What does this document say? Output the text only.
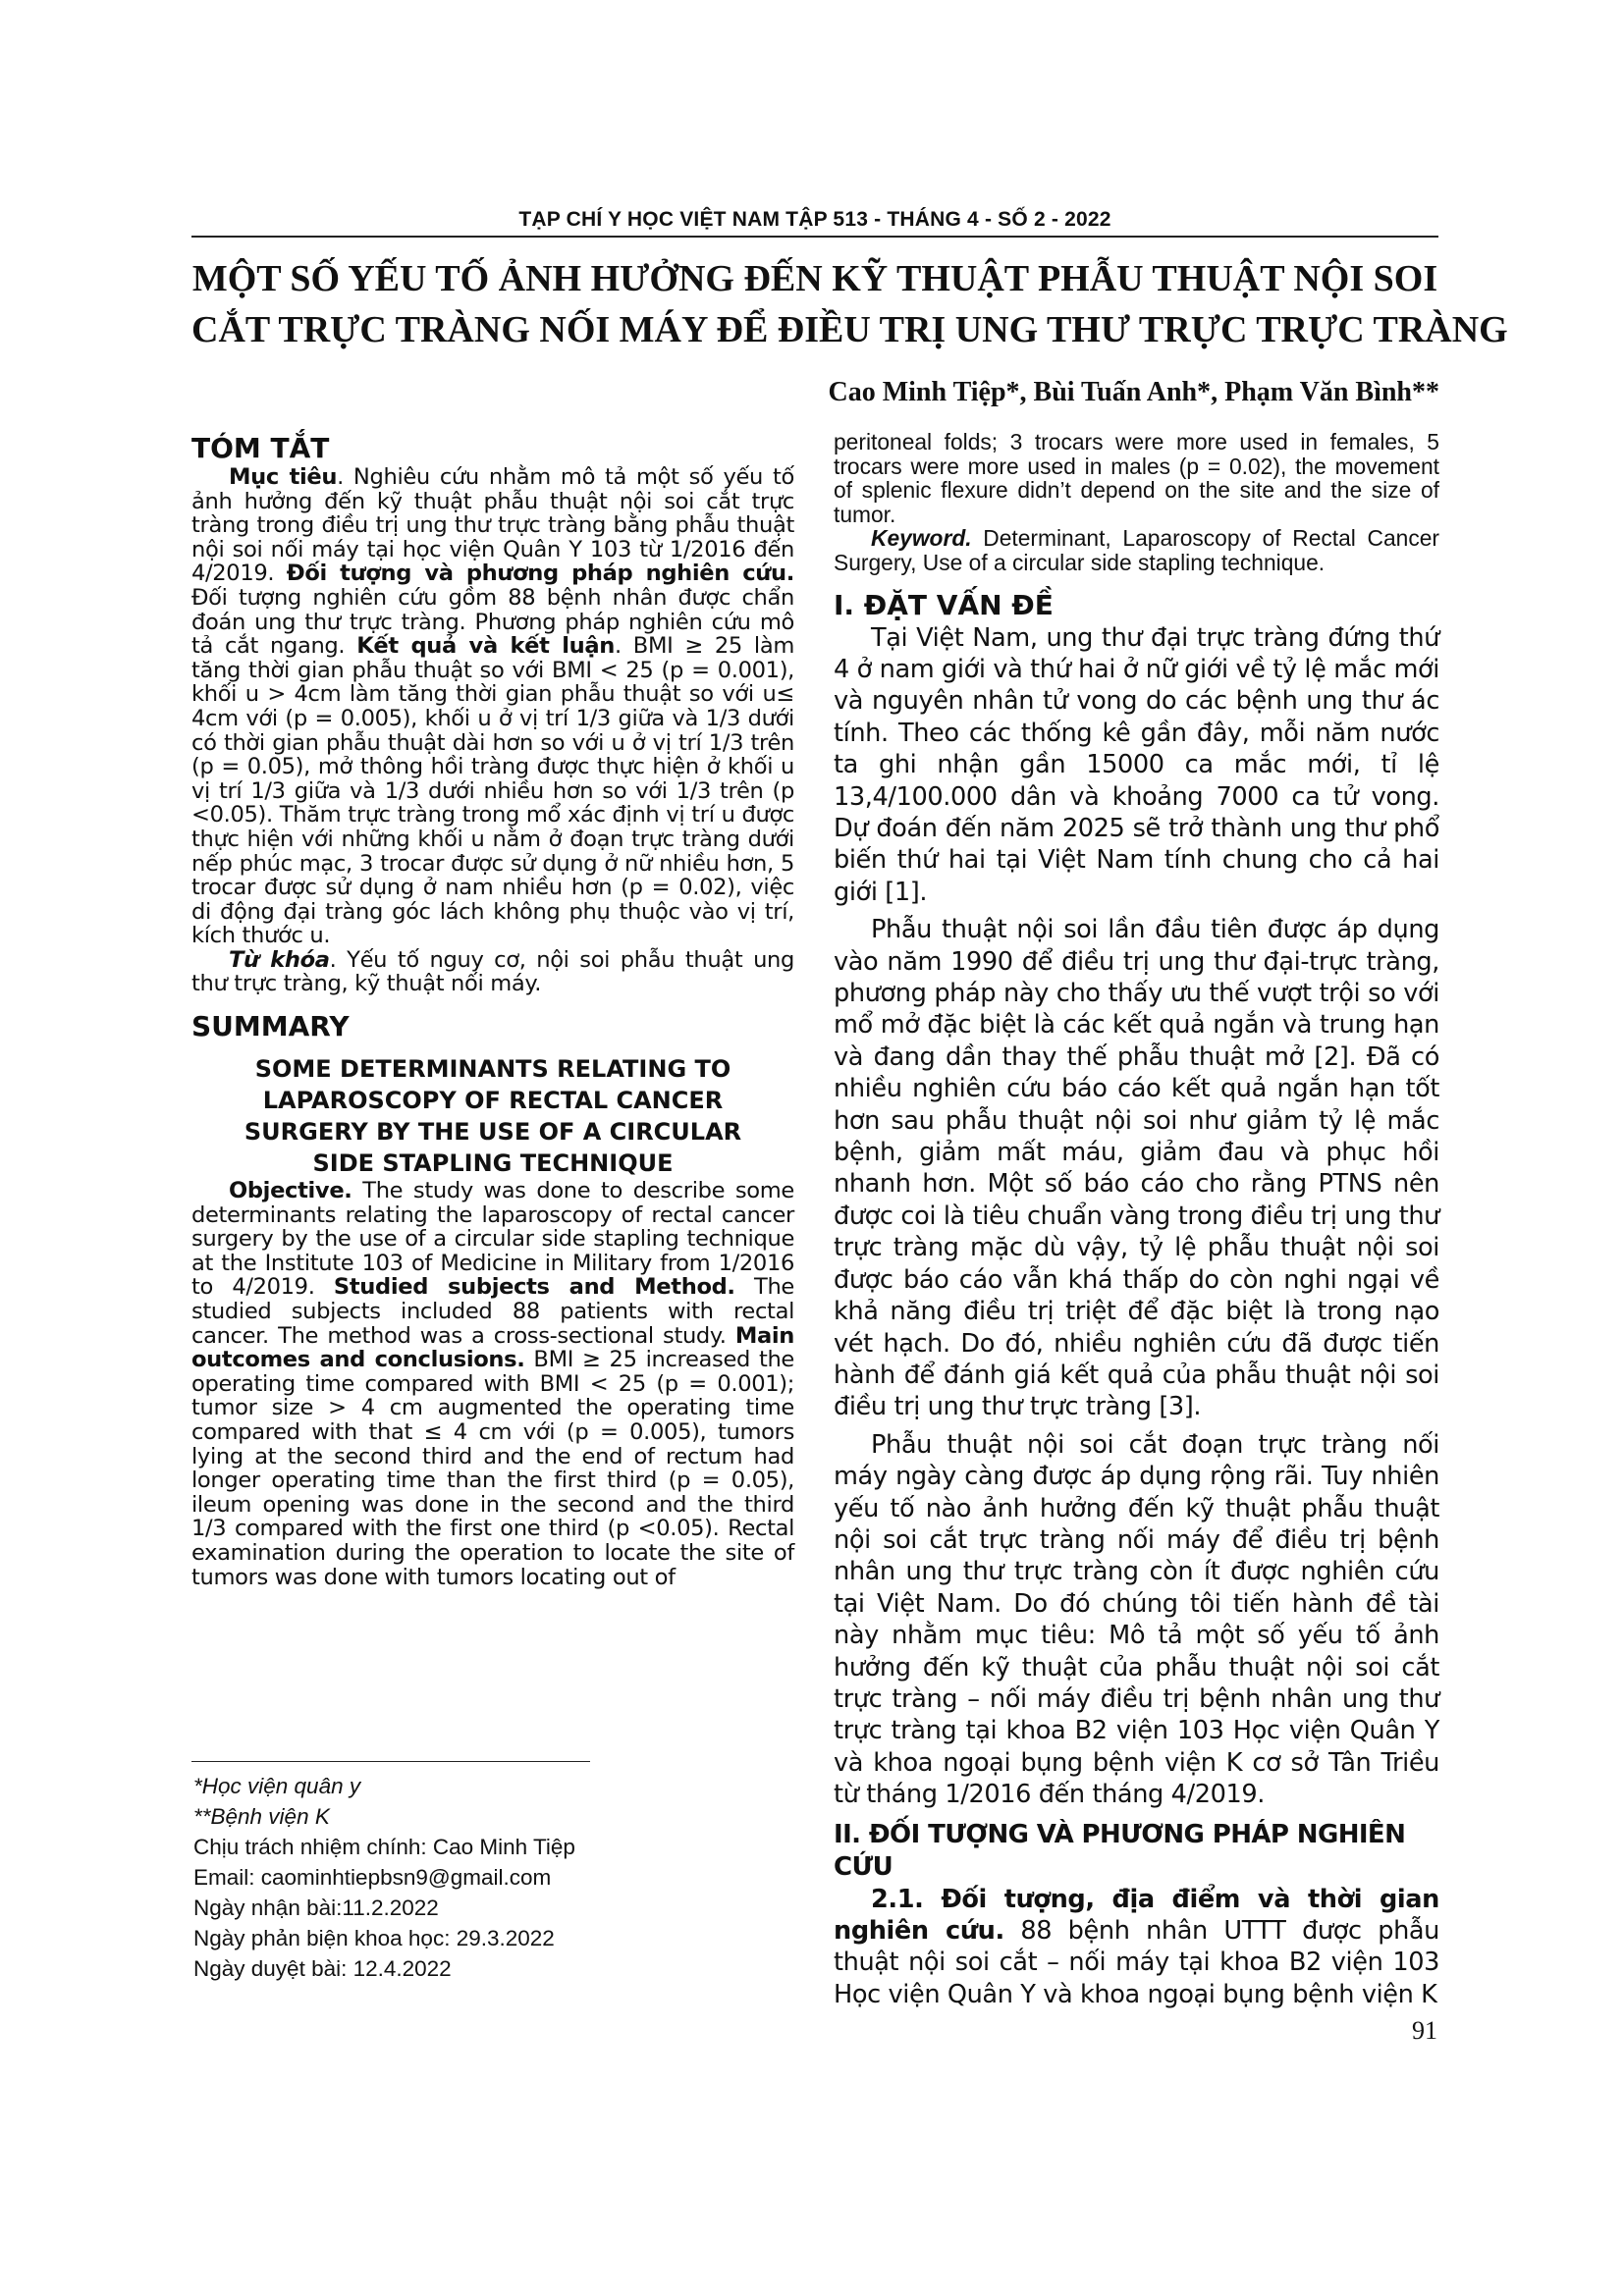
TẠP CHÍ Y HỌC VIỆT NAM TẬP 513 - THÁNG 4 - SỐ 2 - 2022
MỘT SỐ YẾU TỐ ẢNH HƯỞNG ĐẾN KỸ THUẬT PHẪU THUẬT NỘI SOI
CẮT TRỰC TRÀNG NỐI MÁY ĐỂ ĐIỀU TRỊ UNG THƯ TRỰC TRỰC TRÀNG
Cao Minh Tiệp*, Bùi Tuấn Anh*, Phạm Văn Bình**
TÓM TẮT

Mục tiêu. Nghiêu cứu nhằm mô tả một số yếu tố ảnh hưởng đến kỹ thuật phẫu thuật nội soi cắt trực tràng trong điều trị ung thư trực tràng bằng phẫu thuật nội soi nối máy tại học viện Quân Y 103 từ 1/2016 đến 4/2019. Đối tượng và phương pháp nghiên cứu. Đối tượng nghiên cứu gồm 88 bệnh nhân được chẩn đoán ung thư trực tràng. Phương pháp nghiên cứu mô tả cắt ngang. Kết quả và kết luận. BMI ≥ 25 làm tăng thời gian phẫu thuật so với BMI < 25 (p = 0.001), khối u > 4cm làm tăng thời gian phẫu thuật so với u≤ 4cm với (p = 0.005), khối u ở vị trí 1/3 giữa và 1/3 dưới có thời gian phẫu thuật dài hơn so với u ở vị trí 1/3 trên (p = 0.05), mở thông hồi tràng được thực hiện ở khối u vị trí 1/3 giữa và 1/3 dưới nhiều hơn so với 1/3 trên (p <0.05). Thăm trực tràng trong mổ xác định vị trí u được thực hiện với những khối u nằm ở đoạn trực tràng dưới nếp phúc mạc, 3 trocar được sử dụng ở nữ nhiều hơn, 5 trocar được sử dụng ở nam nhiều hơn (p = 0.02), việc di động đại tràng góc lách không phụ thuộc vào vị trí, kích thước u.

Từ khóa. Yếu tố nguy cơ, nội soi phẫu thuật ung thư trực tràng, kỹ thuật nối máy.

SUMMARY
SOME DETERMINANTS RELATING TO
LAPAROSCOPY OF RECTAL CANCER
SURGERY BY THE USE OF A CIRCULAR
SIDE STAPLING TECHNIQUE

Objective. The study was done to describe some determinants relating the laparoscopy of rectal cancer surgery by the use of a circular side stapling technique at the Institute 103 of Medicine in Military from 1/2016 to 4/2019. Studied subjects and Method. The studied subjects included 88 patients with rectal cancer. The method was a cross-sectional study. Main outcomes and conclusions. BMI ≥ 25 increased the operating time compared with BMI < 25 (p = 0.001); tumor size > 4 cm augmented the operating time compared with that ≤ 4 cm với (p = 0.005), tumors lying at the second third and the end of rectum had longer operating time than the first third (p = 0.05), ileum opening was done in the second and the third 1/3 compared with the first one third (p <0.05). Rectal examination during the operation to locate the site of tumors was done with tumors locating out of

*Học viện quân y
**Bệnh viện K
Chịu trách nhiệm chính: Cao Minh Tiệp
Email: caominhtiepbsn9@gmail.com
Ngày nhận bài:11.2.2022
Ngày phản biện khoa học: 29.3.2022
Ngày duyệt bài: 12.4.2022

peritoneal folds; 3 trocars were more used in females, 5 trocars were more used in males (p = 0.02), the movement of splenic flexure didn’t depend on the site and the size of tumor.

Keyword. Determinant, Laparoscopy of Rectal Cancer Surgery, Use of a circular side stapling technique.

I. ĐẶT VẤN ĐỀ

Tại Việt Nam, ung thư đại trực tràng đứng thứ 4 ở nam giới và thứ hai ở nữ giới về tỷ lệ mắc mới và nguyên nhân tử vong do các bệnh ung thư ác tính. Theo các thống kê gần đây, mỗi năm nước ta ghi nhận gần 15000 ca mắc mới, tỉ lệ 13,4/100.000 dân và khoảng 7000 ca tử vong. Dự đoán đến năm 2025 sẽ trở thành ung thư phổ biến thứ hai tại Việt Nam tính chung cho cả hai giới [1].

Phẫu thuật nội soi lần đầu tiên được áp dụng vào năm 1990 để điều trị ung thư đại-trực tràng, phương pháp này cho thấy ưu thế vượt trội so với mổ mở đặc biệt là các kết quả ngắn và trung hạn và đang dần thay thế phẫu thuật mở [2]. Đã có nhiều nghiên cứu báo cáo kết quả ngắn hạn tốt hơn sau phẫu thuật nội soi như giảm tỷ lệ mắc bệnh, giảm mất máu, giảm đau và phục hồi nhanh hơn. Một số báo cáo cho rằng PTNS nên được coi là tiêu chuẩn vàng trong điều trị ung thư trực tràng mặc dù vậy, tỷ lệ phẫu thuật nội soi được báo cáo vẫn khá thấp do còn nghi ngại về khả năng điều trị triệt để đặc biệt là trong nạo vét hạch. Do đó, nhiều nghiên cứu đã được tiến hành để đánh giá kết quả của phẫu thuật nội soi điều trị ung thư trực tràng [3].

Phẫu thuật nội soi cắt đoạn trực tràng nối máy ngày càng được áp dụng rộng rãi. Tuy nhiên yếu tố nào ảnh hưởng đến kỹ thuật phẫu thuật nội soi cắt trực tràng nối máy để điều trị bệnh nhân ung thư trực tràng còn ít được nghiên cứu tại Việt Nam. Do đó chúng tôi tiến hành đề tài này nhằm mục tiêu: Mô tả một số yếu tố ảnh hưởng đến kỹ thuật của phẫu thuật nội soi cắt trực tràng – nối máy điều trị bệnh nhân ung thư trực tràng tại khoa B2 viện 103 Học viện Quân Y và khoa ngoại bụng bệnh viện K cơ sở Tân Triều từ tháng 1/2016 đến tháng 4/2019.

II. ĐỐI TƯỢNG VÀ PHƯƠNG PHÁP NGHIÊN CỨU

2.1. Đối tượng, địa điểm và thời gian nghiên cứu. 88 bệnh nhân UTTT được phẫu thuật nội soi cắt – nối máy tại khoa B2 viện 103 Học viện Quân Y và khoa ngoại bụng bệnh viện K

91
